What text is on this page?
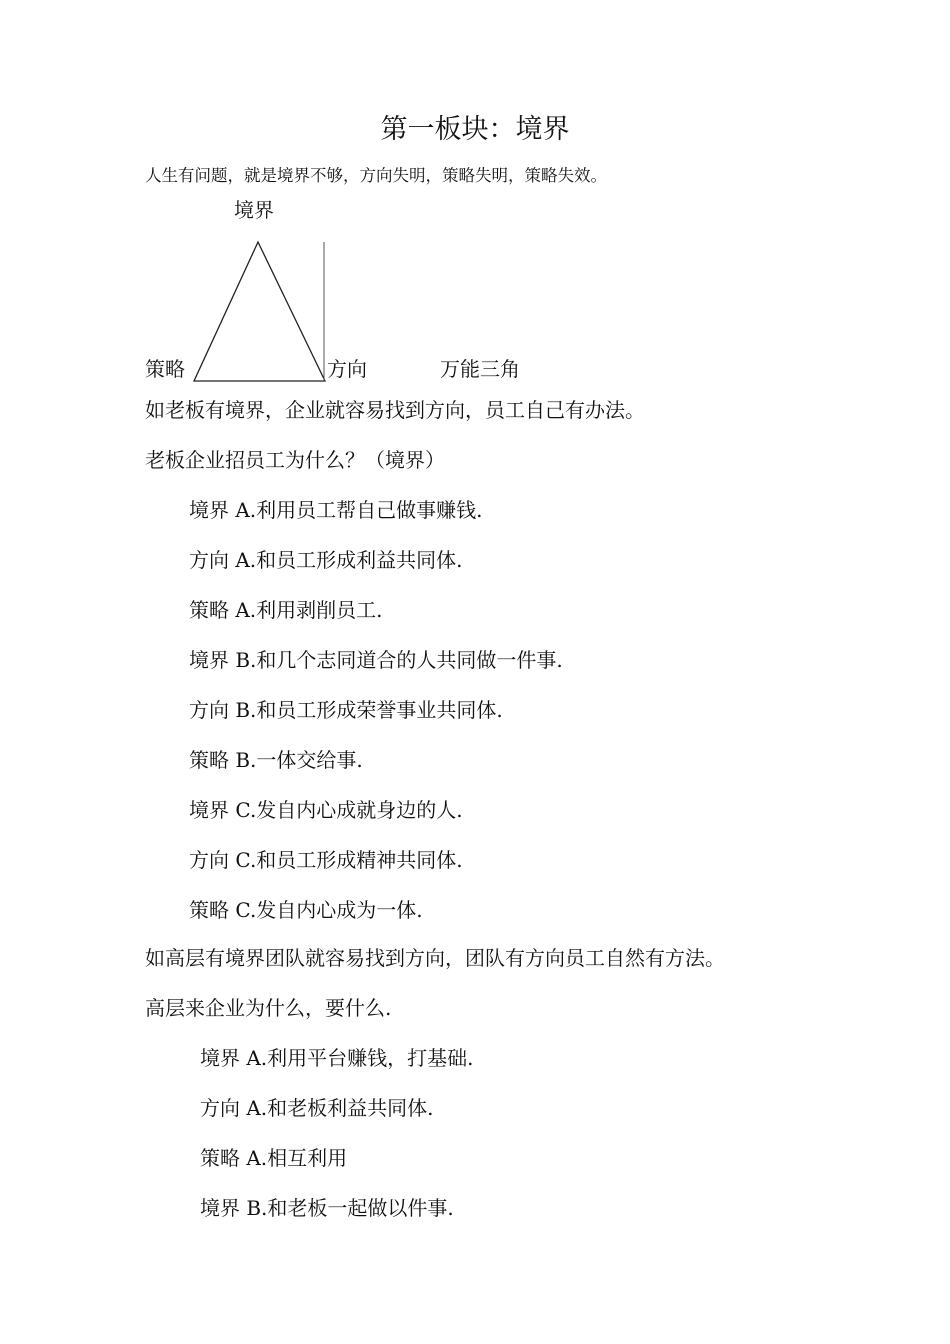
第一板块：境界
人生有问题，就是境界不够，方向失明，策略失明，策略失效。
境界
策略	方向	万能三角
如老板有境界，企业就容易找到方向，员工自己有办法。
老板企业招员工为什么？（境界）
境界 A.利用员工帮自己做事赚钱.
方向 A.和员工形成利益共同体.
策略 A.利用剥削员工.
境界 B.和几个志同道合的人共同做一件事.
方向 B.和员工形成荣誉事业共同体.
策略 B.一体交给事.
境界 C.发自内心成就身边的人.
方向 C.和员工形成精神共同体.
策略 C.发自内心成为一体.
如高层有境界团队就容易找到方向，团队有方向员工自然有方法。
高层来企业为什么，要什么.
境界 A.利用平台赚钱，打基础.
方向 A.和老板利益共同体.
策略 A.相互利用
境界 B.和老板一起做以件事.
